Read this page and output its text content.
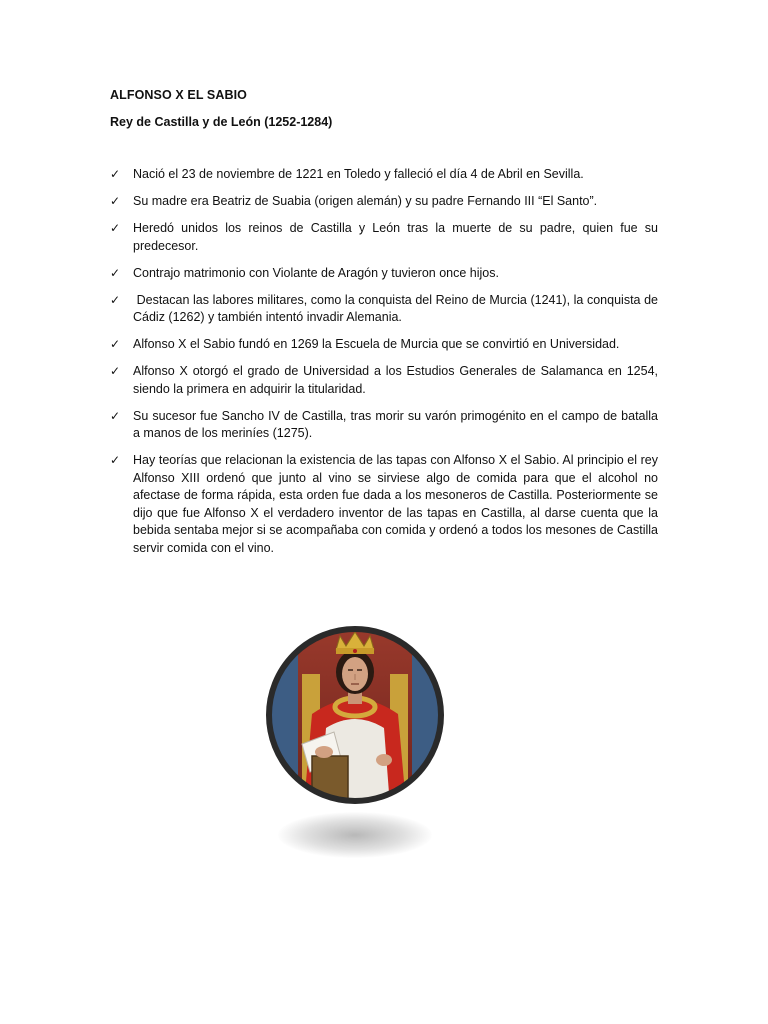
ALFONSO X EL SABIO
Rey de Castilla y de León (1252-1284)
✓ Nació el 23 de noviembre de 1221 en Toledo y falleció el día 4 de Abril en Sevilla.
✓ Su madre era Beatriz de Suabia (origen alemán) y su padre Fernando III “El Santo”.
✓ Heredó unidos los reinos de Castilla y León tras la muerte de su padre, quien fue su predecesor.
✓ Contrajo matrimonio con Violante de Aragón y tuvieron once hijos.
✓ Destacan las labores militares, como la conquista del Reino de Murcia (1241), la conquista de Cádiz (1262) y también intentó invadir Alemania.
✓ Alfonso X el Sabio fundó en 1269 la Escuela de Murcia que se convirtió en Universidad.
✓ Alfonso X otorgó el grado de Universidad a los Estudios Generales de Salamanca en 1254, siendo la primera en adquirir la titularidad.
✓ Su sucesor fue Sancho IV de Castilla, tras morir su varón primogénito en el campo de batalla a manos de los meriníes (1275).
✓ Hay teorías que relacionan la existencia de las tapas con Alfonso X el Sabio. Al principio el rey Alfonso XIII ordenó que junto al vino se sirviese algo de comida para que el alcohol no afectase de forma rápida, esta orden fue dada a los mesoneros de Castilla. Posteriormente se dijo que fue Alfonso X el verdadero inventor de las tapas en Castilla, al darse cuenta que la bebida sentaba mejor si se acompañaba con comida y ordenó a todos los mesones de Castilla servir comida con el vino.
